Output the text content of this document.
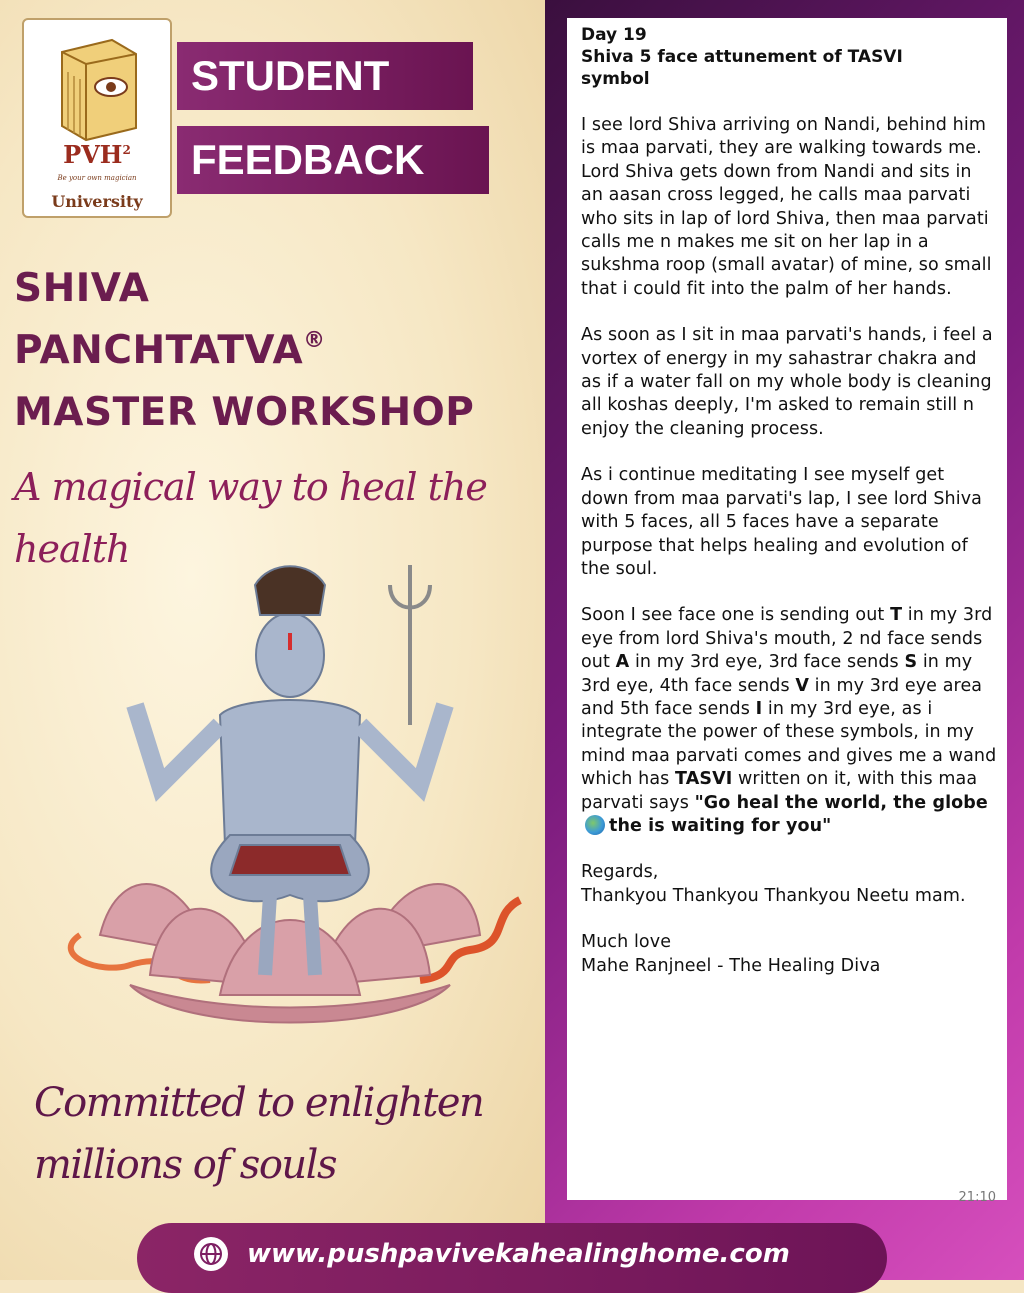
PVH$^2$
Be your own magician
University
STUDENT
FEEDBACK
SHIVA
PANCHTATVA®
MASTER WORKSHOP
A magical way to heal the
health
Committed to enlighten
millions of souls
Day 19
Shiva 5 face attunement of TASVI
symbol
I see lord Shiva arriving on Nandi, behind him is maa parvati, they are walking towards me. Lord Shiva gets down from Nandi and sits in an aasan cross legged, he calls maa parvati who sits in lap of lord Shiva, then maa parvati calls me n makes me sit on her lap in a sukshma roop (small avatar) of mine, so small that i could fit into the palm of her hands.
As soon as I sit in maa parvati's hands, i feel a vortex of energy in my sahastrar chakra and as if a water fall on my whole body is cleaning all koshas deeply, I'm asked to remain still n enjoy the cleaning process.
As i continue meditating I see myself get down from maa parvati's lap, I see lord Shiva with 5 faces, all 5 faces have a separate purpose that helps healing and evolution of the soul.
Soon I see face one is sending out T in my 3rd eye from lord Shiva's mouth, 2 nd face sends out A in my 3rd eye, 3rd face sends S in my 3rd eye, 4th face sends V in my 3rd eye area and 5th face sends I in my 3rd eye, as i integrate the power of these symbols, in my mind maa parvati comes and gives me a wand which has TASVI written on it, with this maa parvati says "Go heal the world, the globethe is waiting for you"
Regards,
Thankyou Thankyou Thankyou Neetu mam.
Much love
Mahe Ranjneel - The Healing Diva
21:10
www.pushpavivekahealinghome.com
